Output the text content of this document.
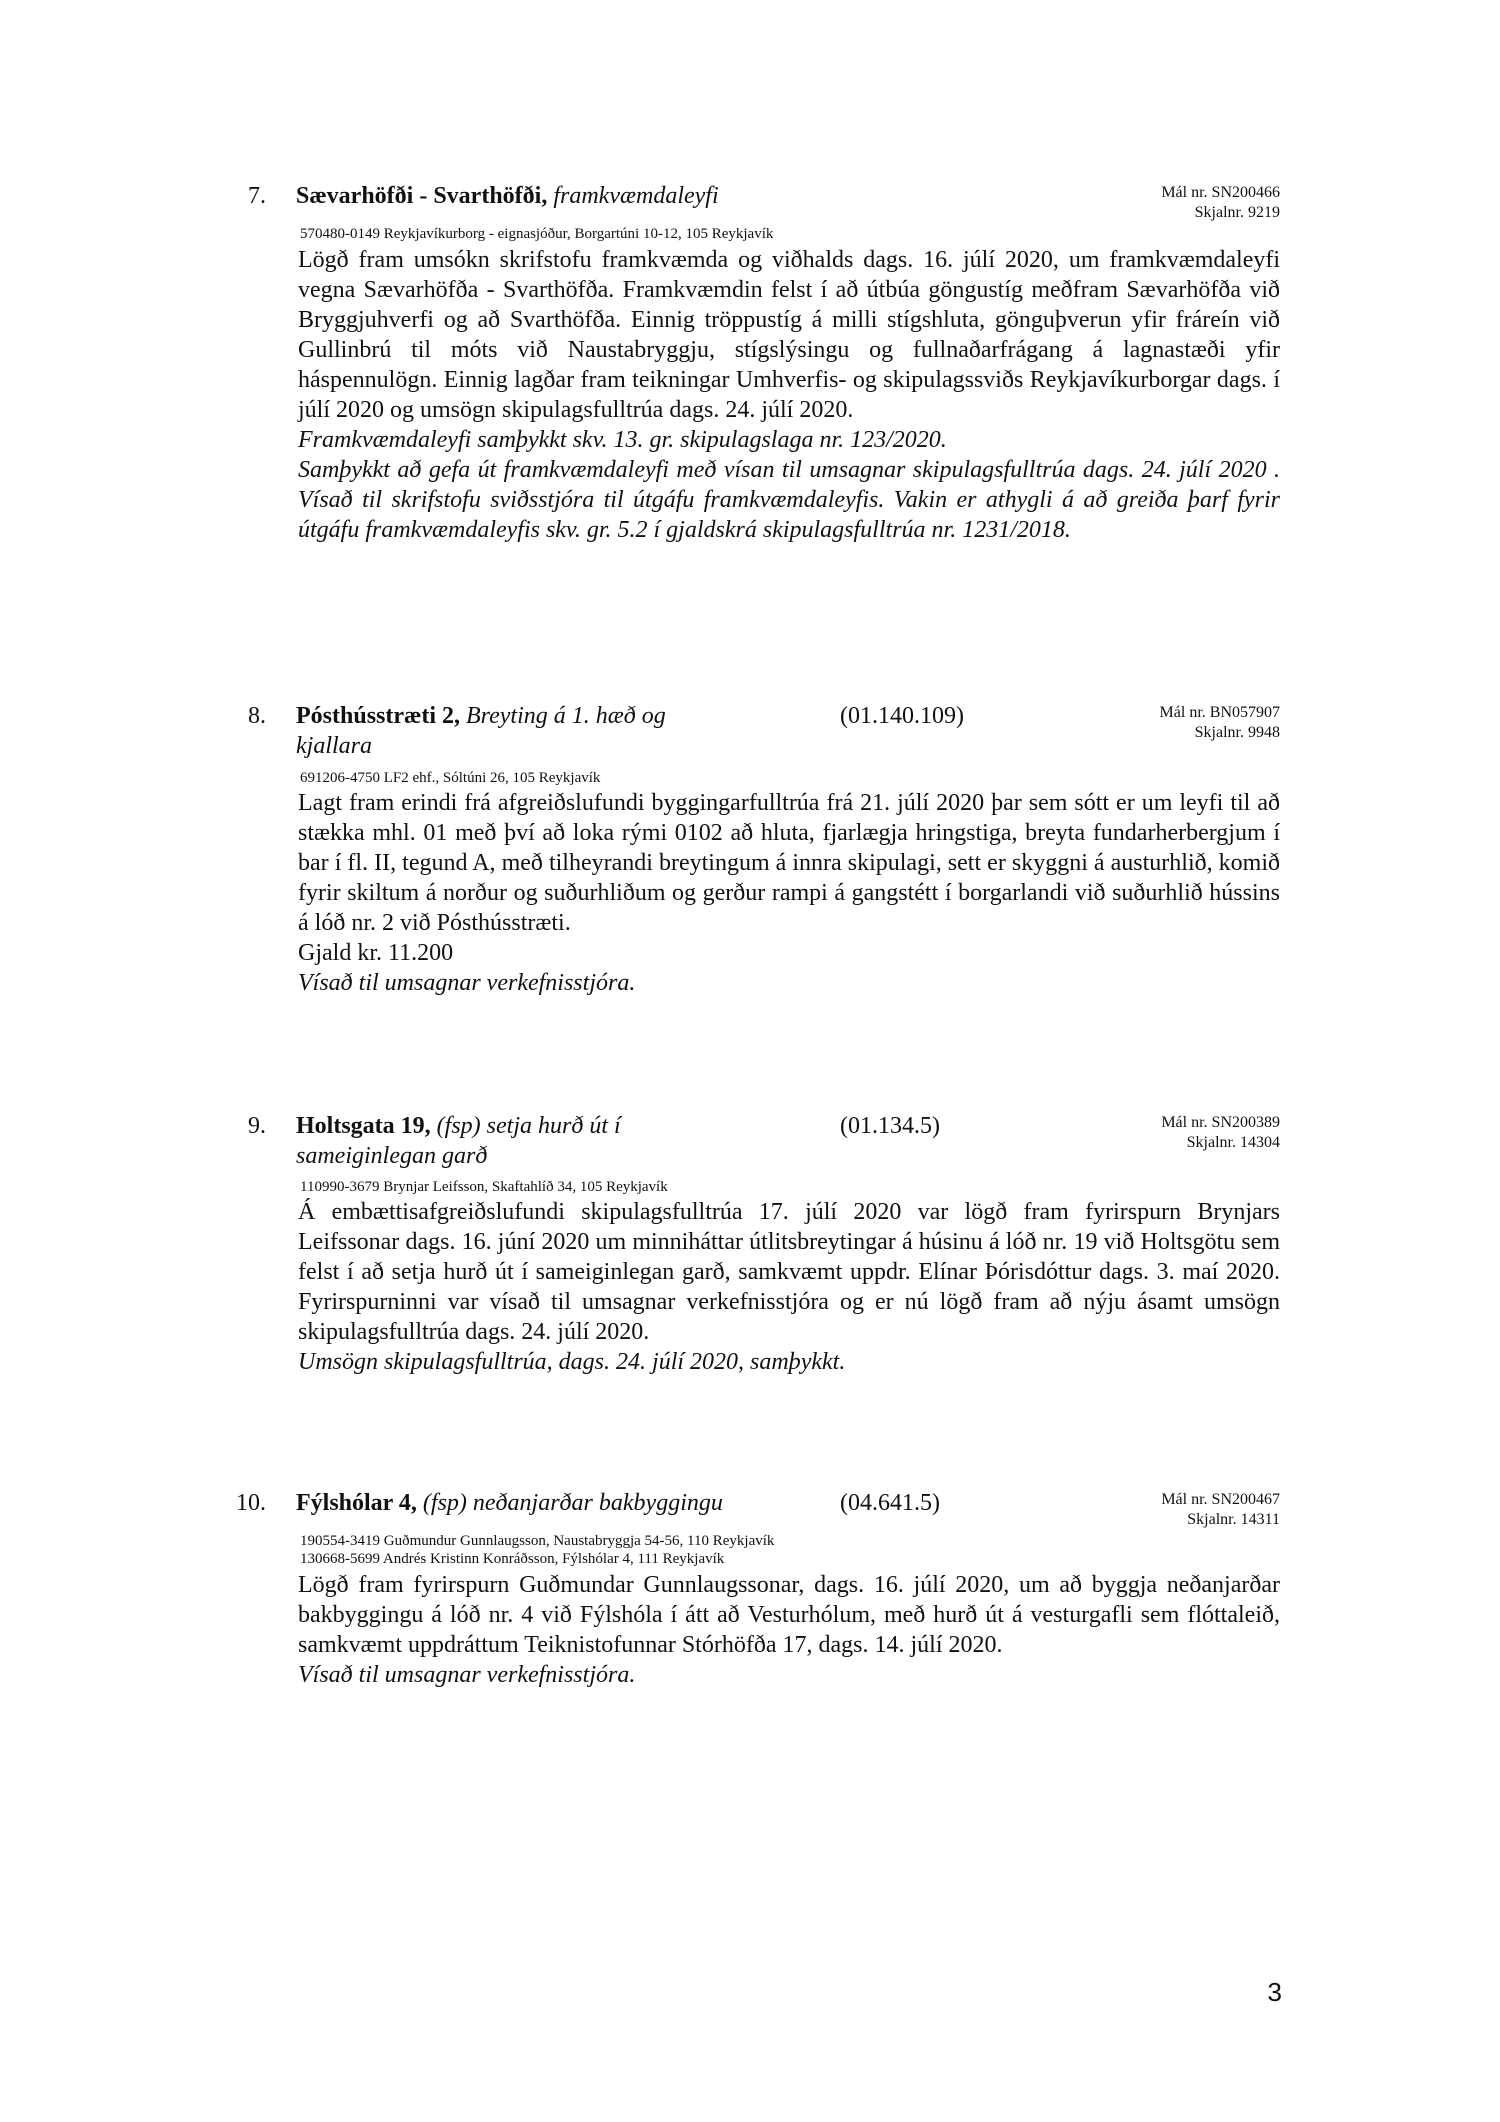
7. Sævarhöfði - Svarthöfði, framkvæmdaleyfi	Mál nr. SN200466
Skjalnr. 9219
570480-0149 Reykjavíkurborg - eignasjóður, Borgartúni 10-12, 105 Reykjavík

Lögð fram umsókn skrifstofu framkvæmda og viðhalds dags. 16. júlí 2020, um framkvæmdaleyfi vegna Sævarhöfða - Svarthöfða. Framkvæmdin felst í að útbúa göngustíg meðfram Sævarhöfða við Bryggjuhverfi og að Svarthöfða. Einnig tröppustíg á milli stígshluta, gönguþverun yfir fráreín við Gullinbrú til móts við Naustabryggju, stígslýsingu og fullnaðarfrágang á lagnastæði yfir háspennulögn. Einnig lagðar fram teikningar Umhverfis- og skipulagssviðs Reykjavíkurborgar dags. í júlí 2020 og umsögn skipulagsfulltrúa dags. 24. júlí 2020.

Framkvæmdaleyfi samþykkt skv. 13. gr. skipulagslaga nr. 123/2020.

Samþykkt að gefa út framkvæmdaleyfi með vísan til umsagnar skipulagsfulltrúa dags. 24. júlí 2020 . Vísað til skrifstofu sviðsstjóra til útgáfu framkvæmdaleyfis. Vakin er athygli á að greiða þarf fyrir útgáfu framkvæmdaleyfis skv. gr. 5.2 í gjaldskrá skipulagsfulltrúa nr. 1231/2018.

8. Pósthússtræti 2, Breyting á 1. hæð og
kjallara
(01.140.109)	Mál nr. BN057907
Skjalnr. 9948
691206-4750 LF2 ehf., Sóltúni 26, 105 Reykjavík

Lagt fram erindi frá afgreiðslufundi byggingarfulltrúa frá 21. júlí 2020 þar sem sótt er um leyfi til að stækka mhl. 01 með því að loka rými 0102 að hluta, fjarlægja hringstiga, breyta fundarherbergjum í bar í fl. II, tegund A, með tilheyrandi breytingum á innra skipulagi, sett er skyggni á austurhlið, komið fyrir skiltum á norður og suðurhliðum og gerður rampi á gangstétt í borgarlandi við suðurhlið hússins á lóð nr. 2 við Pósthússtræti.

Gjald kr. 11.200

Vísað til umsagnar verkefnisstjóra.

9. Holtsgata 19, (fsp) setja hurð út í
sameiginlegan garð
(01.134.5)	Mál nr. SN200389
Skjalnr. 14304
110990-3679 Brynjar Leifsson, Skaftahlíð 34, 105 Reykjavík

Á embættisafgreiðslufundi skipulagsfulltrúa 17. júlí 2020 var lögð fram fyrirspurn Brynjars Leifssonar dags. 16. júní 2020 um minniháttar útlitsbreytingar á húsinu á lóð nr. 19 við Holtsgötu sem felst í að setja hurð út í sameiginlegan garð, samkvæmt uppdr. Elínar Þórisdóttur dags. 3. maí 2020. Fyrirspurninni var vísað til umsagnar verkefnisstjóra og er nú lögð fram að nýju ásamt umsögn skipulagsfulltrúa dags. 24. júlí 2020.

Umsögn skipulagsfulltrúa, dags. 24. júlí 2020, samþykkt.

10. Fýlshólar 4, (fsp) neðanjarðar bakbyggingu	(04.641.5)	Mál nr. SN200467
Skjalnr. 14311
190554-3419 Guðmundur Gunnlaugsson, Naustabryggja 54-56, 110 Reykjavík
130668-5699 Andrés Kristinn Konráðsson, Fýlshólar 4, 111 Reykjavík

Lögð fram fyrirspurn Guðmundar Gunnlaugssonar, dags. 16. júlí 2020, um að byggja neðanjarðar bakbyggingu á lóð nr. 4 við Fýlshóla í átt að Vesturhólum, með hurð út á vesturgafli sem flóttaleið, samkvæmt uppdráttum Teiknistofunnar Stórhöfða 17, dags. 14. júlí 2020.

Vísað til umsagnar verkefnisstjóra.

3
